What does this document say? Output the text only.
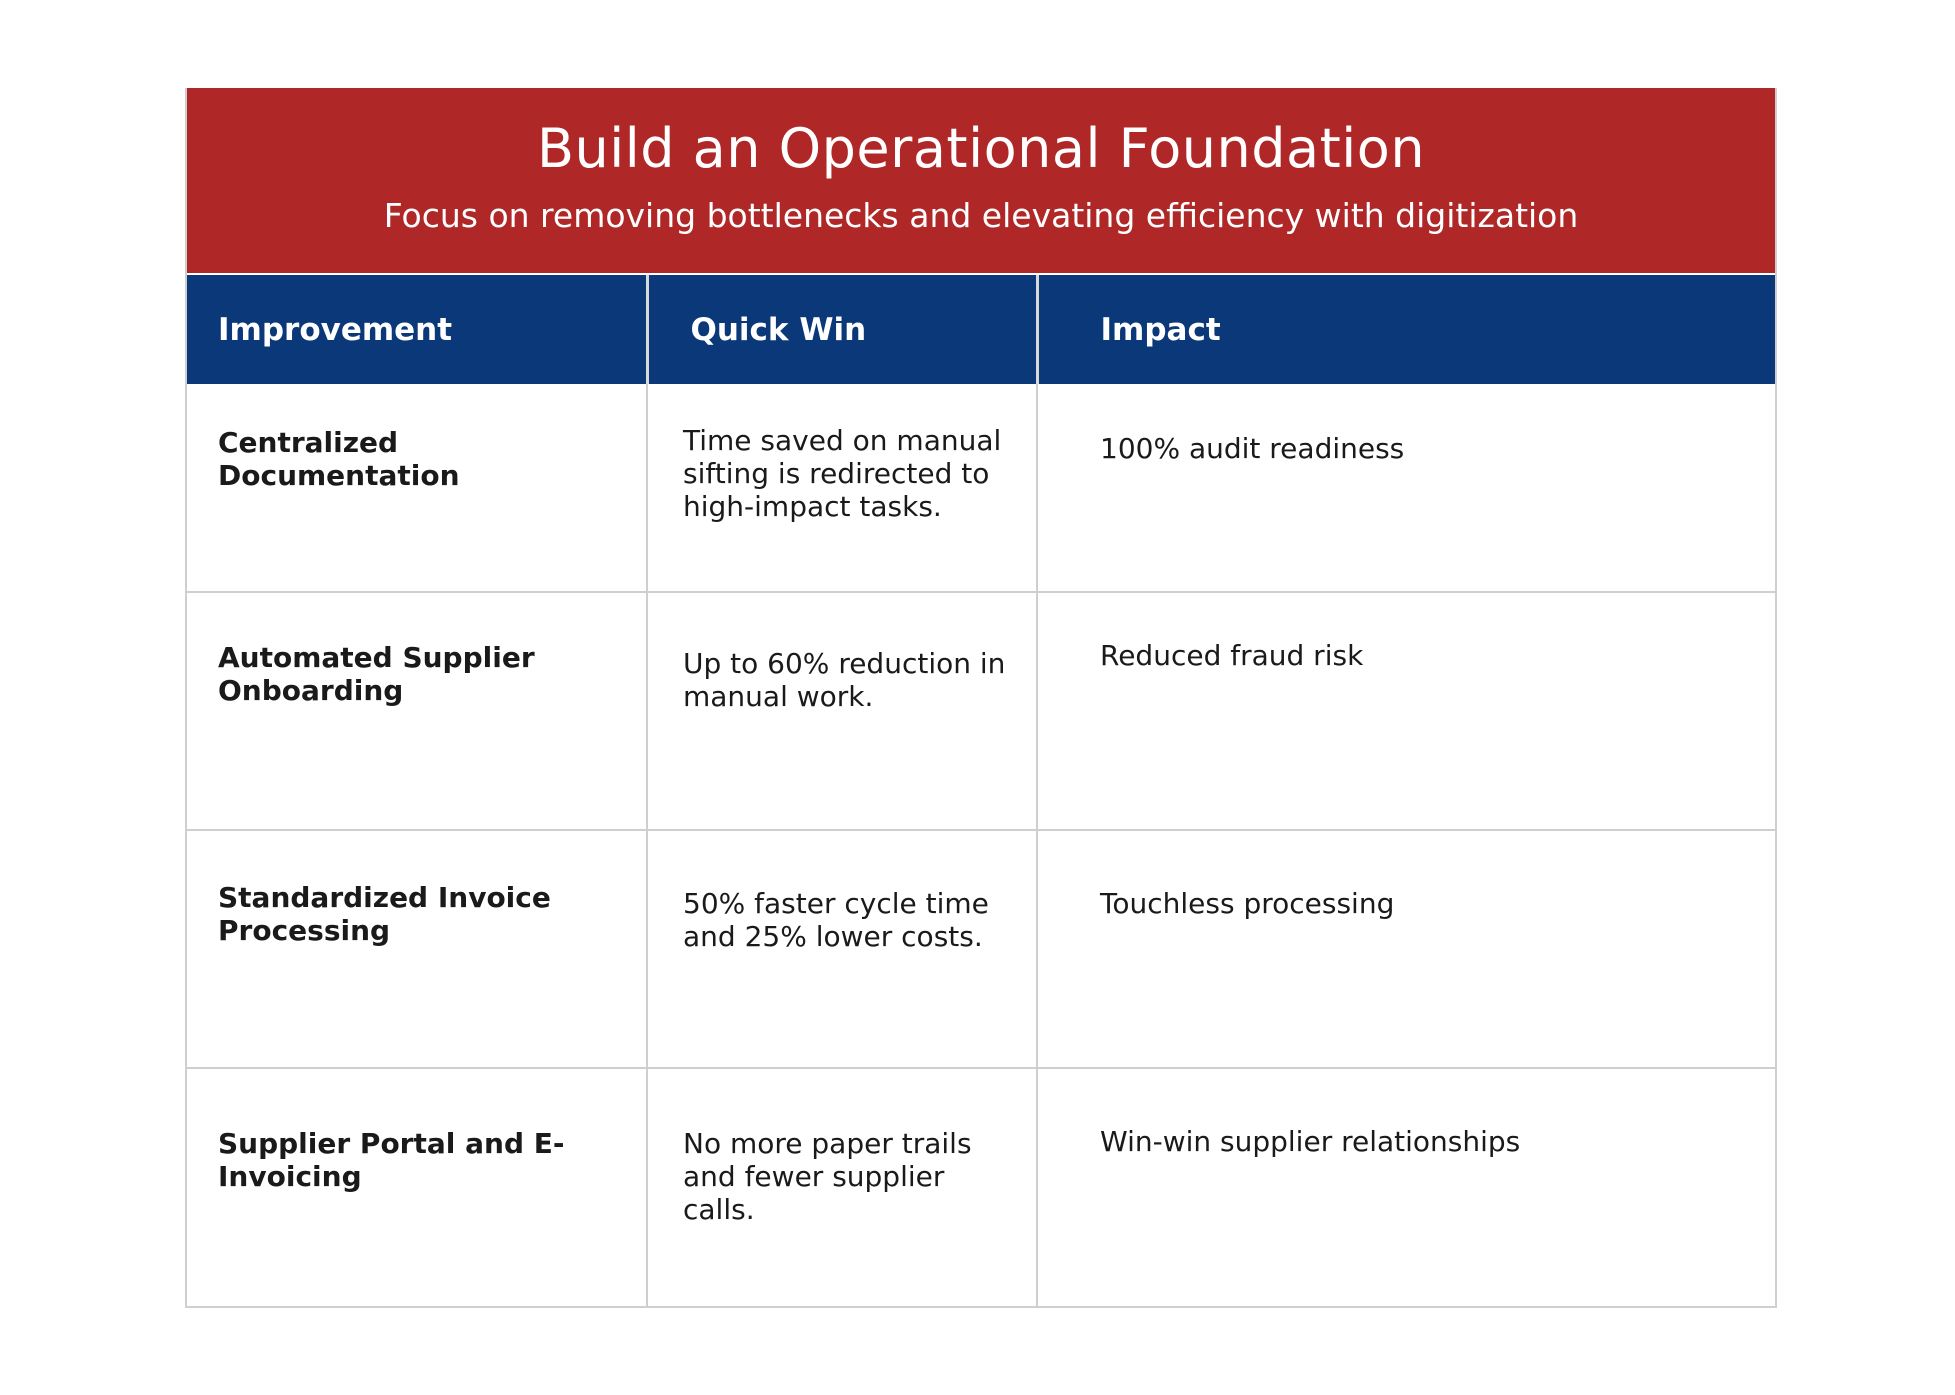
Build an Operational Foundation
Focus on removing bottlenecks and elevating efficiency with digitization
Improvement	Quick Win	Impact
Centralized Documentation	Time saved on manual sifting is redirected to high-impact tasks.	100% audit readiness
Automated Supplier Onboarding	Up to 60% reduction in manual work.	Reduced fraud risk
Standardized Invoice Processing	50% faster cycle time and 25% lower costs.	Touchless processing
Supplier Portal and E-Invoicing	No more paper trails and fewer supplier calls.	Win-win supplier relationships
